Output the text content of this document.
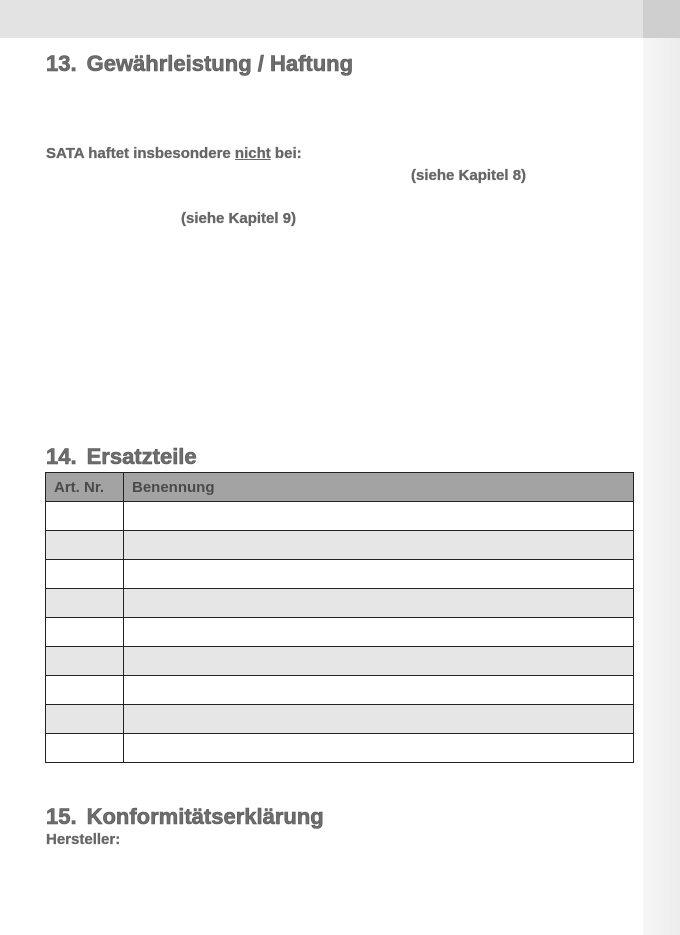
13. Gewährleistung / Haftung

SATA haftet insbesondere nicht bei:

(siehe Kapitel 8)

(siehe Kapitel 9)

14. Ersatzteile
Art. Nr.	Benennung

15. Konformitätserklärung

Hersteller:
